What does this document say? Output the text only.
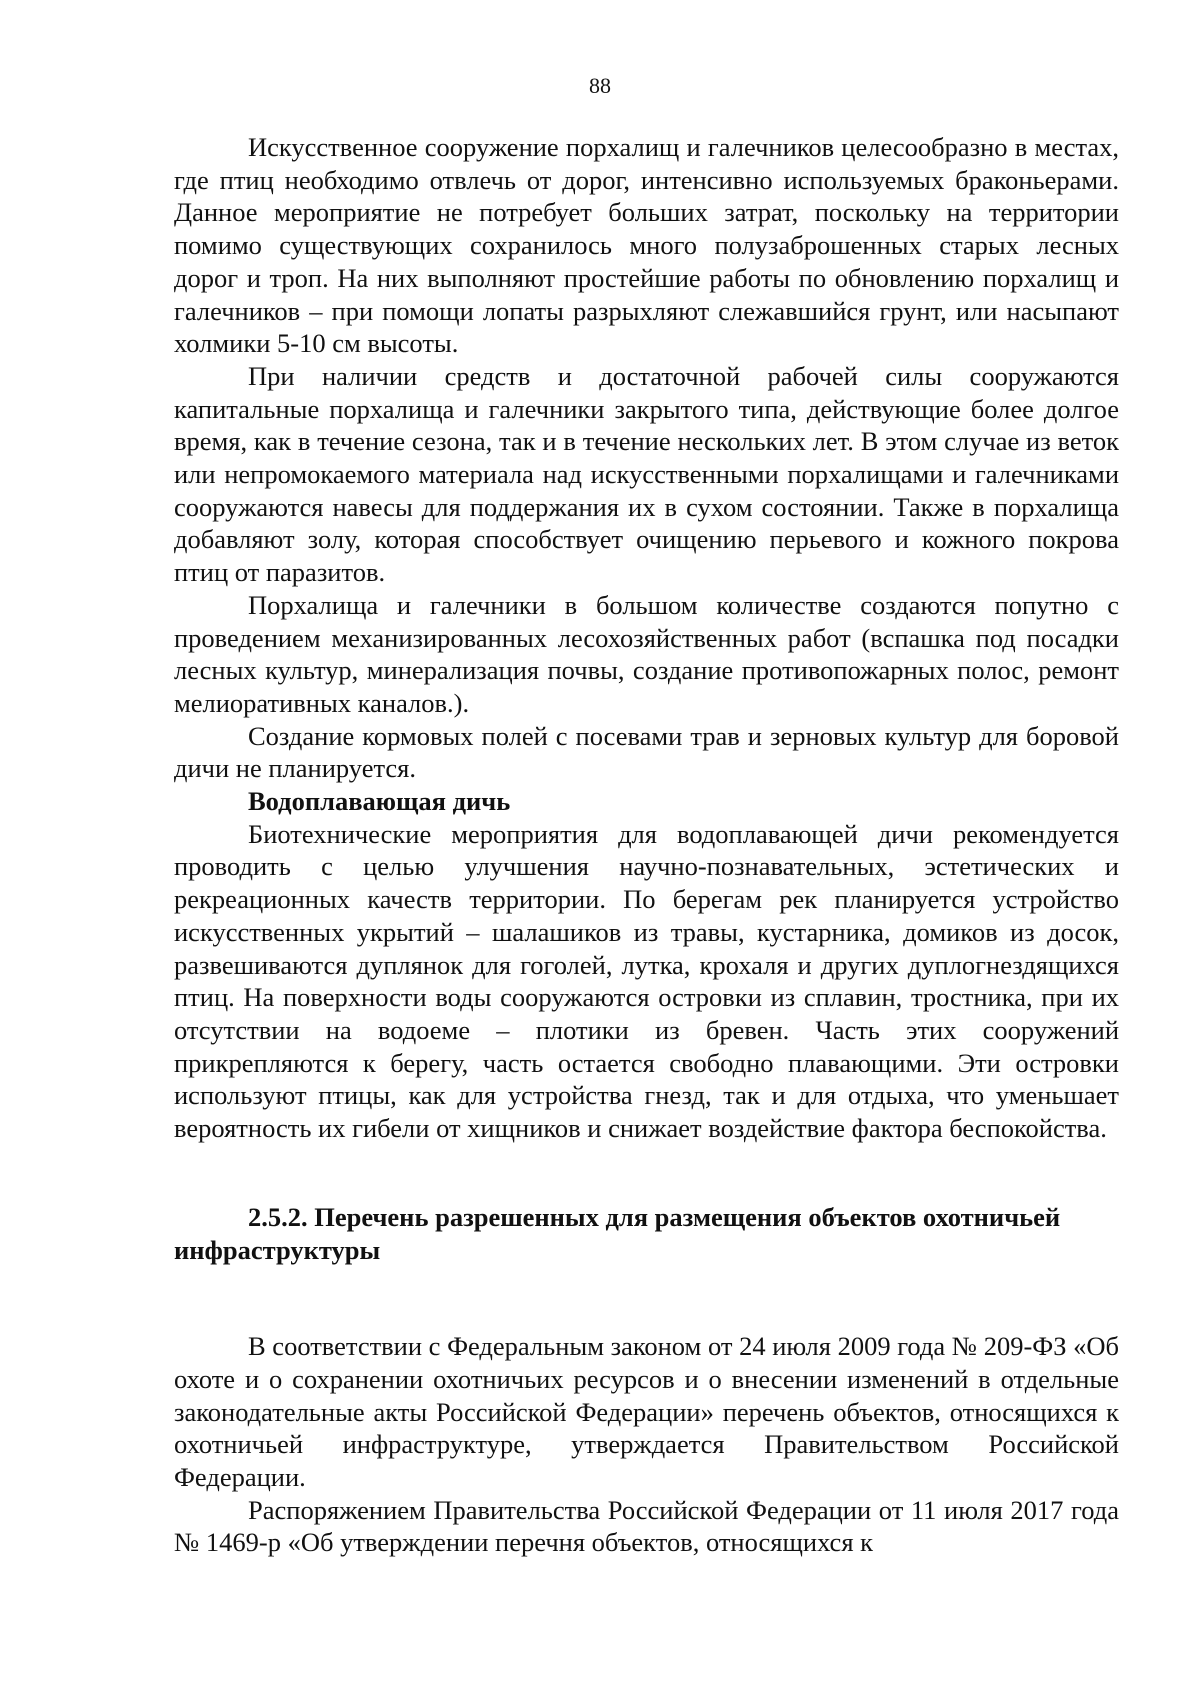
88

Искусственное сооружение порхалищ и галечников целесообразно в местах, где птиц необходимо отвлечь от дорог, интенсивно используемых браконьерами. Данное мероприятие не потребует больших затрат, поскольку на территории помимо существующих сохранилось много полузаброшенных старых лесных дорог и троп. На них выполняют простейшие работы по обновлению порхалищ и галечников – при помощи лопаты разрыхляют слежавшийся грунт, или насыпают холмики 5-10 см высоты.

При наличии средств и достаточной рабочей силы сооружаются капитальные порхалища и галечники закрытого типа, действующие более долгое время, как в течение сезона, так и в течение нескольких лет. В этом случае из веток или непромокаемого материала над искусственными порхалищами и галечниками сооружаются навесы для поддержания их в сухом состоянии. Также в порхалища добавляют золу, которая способствует очищению перьевого и кожного покрова птиц от паразитов.

Порхалища и галечники в большом количестве создаются попутно с проведением механизированных лесохозяйственных работ (вспашка под посадки лесных культур, минерализация почвы, создание противопожарных полос, ремонт мелиоративных каналов.).

Создание кормовых полей с посевами трав и зерновых культур для боровой дичи не планируется.

Водоплавающая дичь

Биотехнические мероприятия для водоплавающей дичи рекомендуется проводить с целью улучшения научно-познавательных, эстетических и рекреационных качеств территории. По берегам рек планируется устройство искусственных укрытий – шалашиков из травы, кустарника, домиков из досок, развешиваются дуплянок для гоголей, лутка, крохаля и других дуплогнездящихся птиц. На поверхности воды сооружаются островки из сплавин, тростника, при их отсутствии на водоеме – плотики из бревен. Часть этих сооружений прикрепляются к берегу, часть остается свободно плавающими. Эти островки используют птицы, как для устройства гнезд, так и для отдыха, что уменьшает вероятность их гибели от хищников и снижает воздействие фактора беспокойства.

2.5.2. Перечень разрешенных для размещения объектов охотничьей инфраструктуры

В соответствии с Федеральным законом от 24 июля 2009 года № 209-ФЗ «Об охоте и о сохранении охотничьих ресурсов и о внесении изменений в отдельные законодательные акты Российской Федерации» перечень объектов, относящихся к охотничьей инфраструктуре, утверждается Правительством Российской Федерации.

Распоряжением Правительства Российской Федерации от 11 июля 2017 года № 1469-р «Об утверждении перечня объектов, относящихся к
